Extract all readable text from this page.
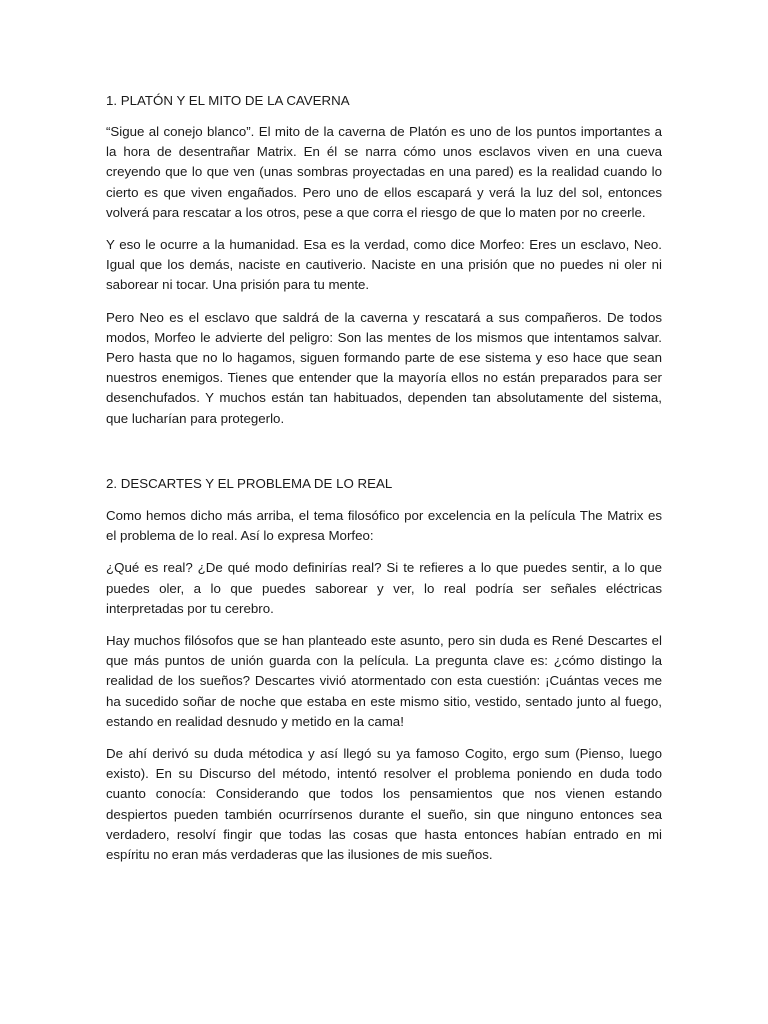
1. PLATÓN Y EL MITO DE LA CAVERNA

“Sigue al conejo blanco”. El mito de la caverna de Platón es uno de los puntos importantes a la hora de desentrañar Matrix. En él se narra cómo unos esclavos viven en una cueva creyendo que lo que ven (unas sombras proyectadas en una pared) es la realidad cuando lo cierto es que viven engañados. Pero uno de ellos escapará y verá la luz del sol, entonces volverá para rescatar a los otros, pese a que corra el riesgo de que lo maten por no creerle.

Y eso le ocurre a la humanidad. Esa es la verdad, como dice Morfeo: Eres un esclavo, Neo. Igual que los demás, naciste en cautiverio. Naciste en una prisión que no puedes ni oler ni saborear ni tocar. Una prisión para tu mente.

Pero Neo es el esclavo que saldrá de la caverna y rescatará a sus compañeros. De todos modos, Morfeo le advierte del peligro: Son las mentes de los mismos que intentamos salvar. Pero hasta que no lo hagamos, siguen formando parte de ese sistema y eso hace que sean nuestros enemigos. Tienes que entender que la mayoría ellos no están preparados para ser desenchufados. Y muchos están tan habituados, dependen tan absolutamente del sistema, que lucharían para protegerlo.

2. DESCARTES Y EL PROBLEMA DE LO REAL

Como hemos dicho más arriba, el tema filosófico por excelencia en la película The Matrix es el problema de lo real. Así lo expresa Morfeo:

¿Qué es real? ¿De qué modo definirías real? Si te refieres a lo que puedes sentir, a lo que puedes oler, a lo que puedes saborear y ver, lo real podría ser señales eléctricas interpretadas por tu cerebro.

Hay muchos filósofos que se han planteado este asunto, pero sin duda es René Descartes el que más puntos de unión guarda con la película. La pregunta clave es: ¿cómo distingo la realidad de los sueños? Descartes vivió atormentado con esta cuestión: ¡Cuántas veces me ha sucedido soñar de noche que estaba en este mismo sitio, vestido, sentado junto al fuego, estando en realidad desnudo y metido en la cama!

De ahí derivó su duda métodica y así llegó su ya famoso Cogito, ergo sum (Pienso, luego existo). En su Discurso del método, intentó resolver el problema poniendo en duda todo cuanto conocía: Considerando que todos los pensamientos que nos vienen estando despiertos pueden también ocurrírsenos durante el sueño, sin que ninguno entonces sea verdadero, resolví fingir que todas las cosas que hasta entonces habían entrado en mi espíritu no eran más verdaderas que las ilusiones de mis sueños.
